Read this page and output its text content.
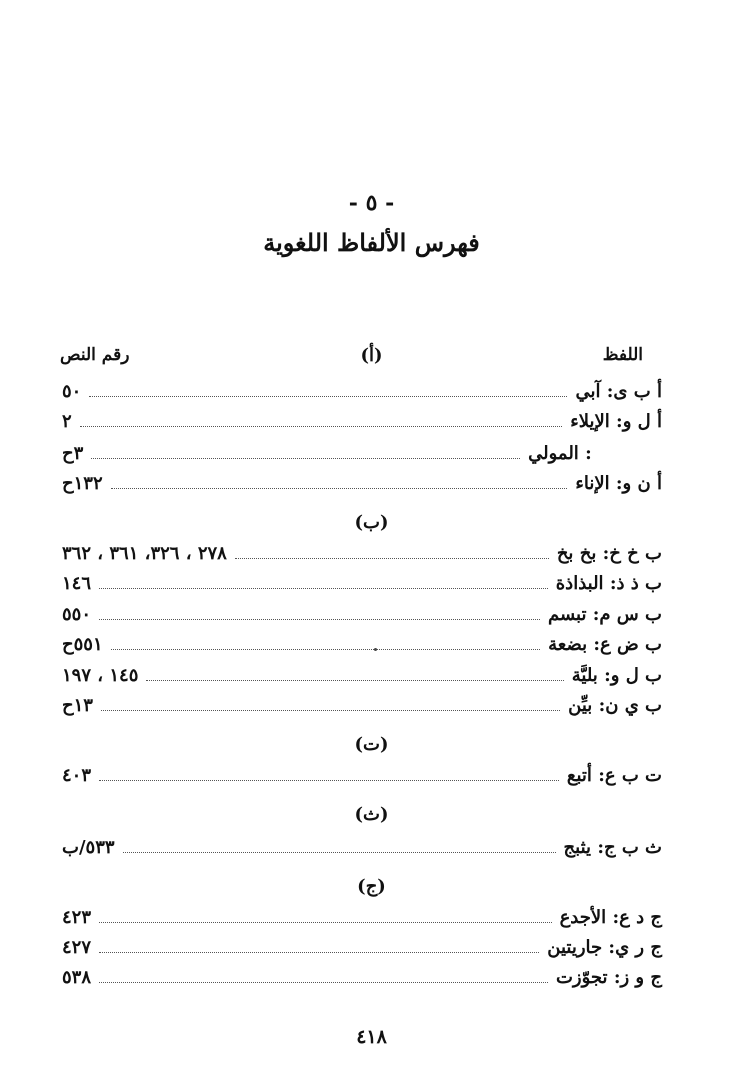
- ٥ -
فهرس الألفاظ اللغوية
اللفظ
رقم النص	(أ)
أ ب ى:

آبي
٥٠
أ ل و:

الإيلاء
٢

: المولي
٣ح
أ ن و:

الإناء
١٣٢ح
(ب)
ب خ خ:

بخ بخ
٢٧٨ ، ٣٢٦، ٣٦١ ، ٣٦٢
ب ذ ذ:

البذاذة
١٤٦
ب س م:

تبسم
٥٥٠
ب ض ع:

بضعة
٥٥١ح
ب ل و:

بليَّة
١٤٥ ، ١٩٧
ب ي ن:

بيِّن
١٣ح
(ت)
ت ب ع:

أتبع
٤٠٣
(ث)
ث ب ج:

يثبج
٥٣٣/ب
(ج)
ج د ع:

الأجدع
٤٢٣
ج ر ي:

جاريتين
٤٢٧
ج و ز:

تجوّزت
٥٣٨
٤١٨
